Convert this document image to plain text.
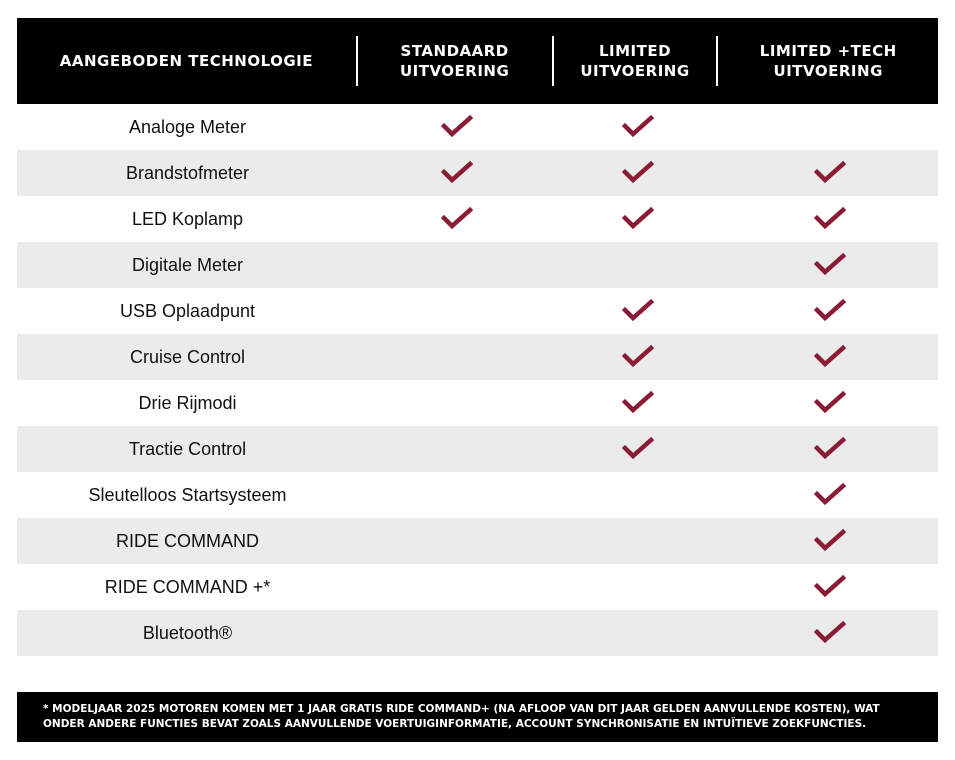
AANGEBODEN TECHNOLOGIE
STANDAARD
UITVOERING
LIMITED
UITVOERING
LIMITED +TECH
UITVOERING
Analoge Meter
Brandstofmeter
LED Koplamp
Digitale Meter
USB Oplaadpunt
Cruise Control
Drie Rijmodi
Tractie Control
Sleutelloos Startsysteem
RIDE COMMAND
RIDE COMMAND +*
Bluetooth®
* MODELJAAR 2025 MOTOREN KOMEN MET 1 JAAR GRATIS RIDE COMMAND+ (NA AFLOOP VAN DIT JAAR GELDEN AANVULLENDE KOSTEN), WAT ONDER ANDERE FUNCTIES BEVAT ZOALS AANVULLENDE VOERTUIGINFORMATIE, ACCOUNT SYNCHRONISATIE EN INTUÏTIEVE ZOEKFUNCTIES.
